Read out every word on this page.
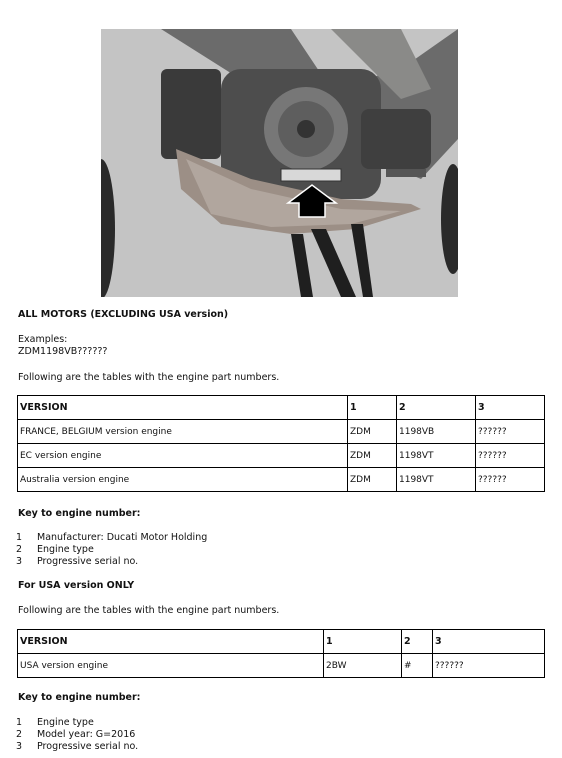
ALL MOTORS (EXCLUDING USA version)
Examples:
ZDM1198VB??????
Following are the tables with the engine part numbers.
VERSION	1	2	3
FRANCE, BELGIUM version engine	ZDM	1198VB	??????
EC version engine	ZDM	1198VT	??????
Australia version engine	ZDM	1198VT	??????
Key to engine number:
1 Manufacturer: Ducati Motor Holding
2 Engine type
3 Progressive serial no.
For USA version ONLY
Following are the tables with the engine part numbers.
VERSION	1	2	3
USA version engine	2BW	#	??????
Key to engine number:
1 Engine type
2 Model year: G=2016
3 Progressive serial no.
